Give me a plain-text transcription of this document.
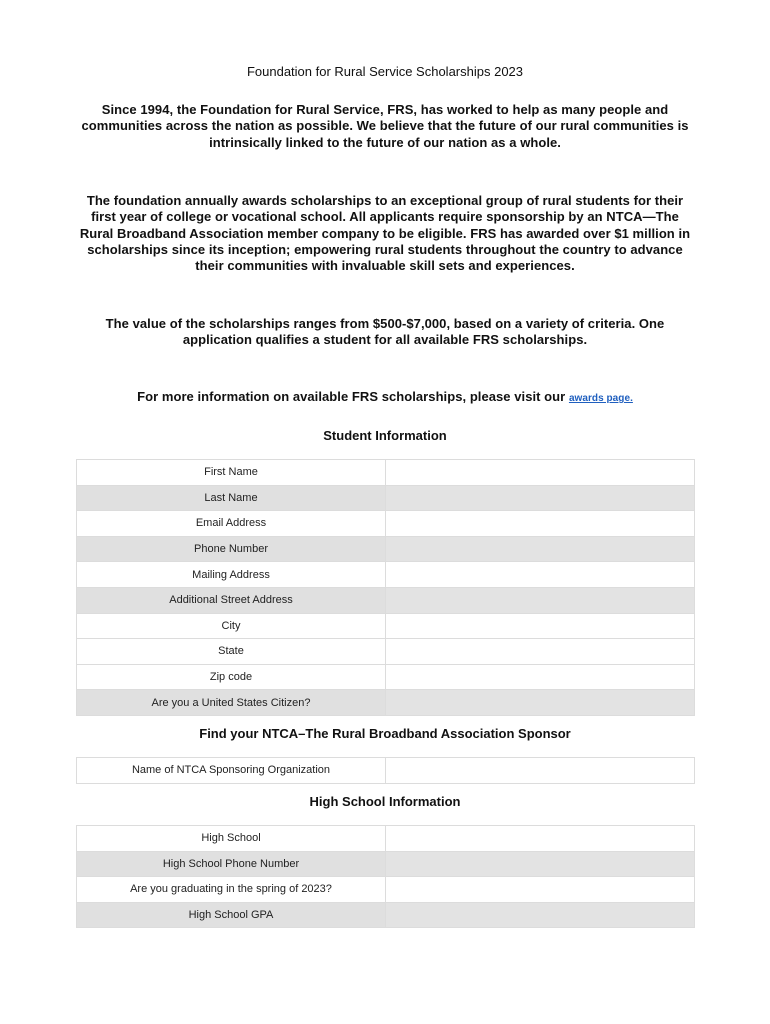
Foundation for Rural Service Scholarships 2023
Since 1994, the Foundation for Rural Service, FRS, has worked to help as many people and communities across the nation as possible. We believe that the future of our rural communities is intrinsically linked to the future of our nation as a whole.
The foundation annually awards scholarships to an exceptional group of rural students for their first year of college or vocational school. All applicants require sponsorship by an NTCA—The Rural Broadband Association member company to be eligible. FRS has awarded over $1 million in scholarships since its inception; empowering rural students throughout the country to advance their communities with invaluable skill sets and experiences.
The value of the scholarships ranges from $500-$7,000, based on a variety of criteria. One application qualifies a student for all available FRS scholarships.
For more information on available FRS scholarships, please visit our awards page.
Student Information
First Name	
Last Name	
Email Address	
Phone Number	
Mailing Address	
Additional Street Address	
City	
State	
Zip code	
Are you a United States Citizen?	
Find your NTCA–The Rural Broadband Association Sponsor
Name of NTCA Sponsoring Organization	
High School Information
High School	
High School Phone Number	
Are you graduating in the spring of 2023?	
High School GPA	
